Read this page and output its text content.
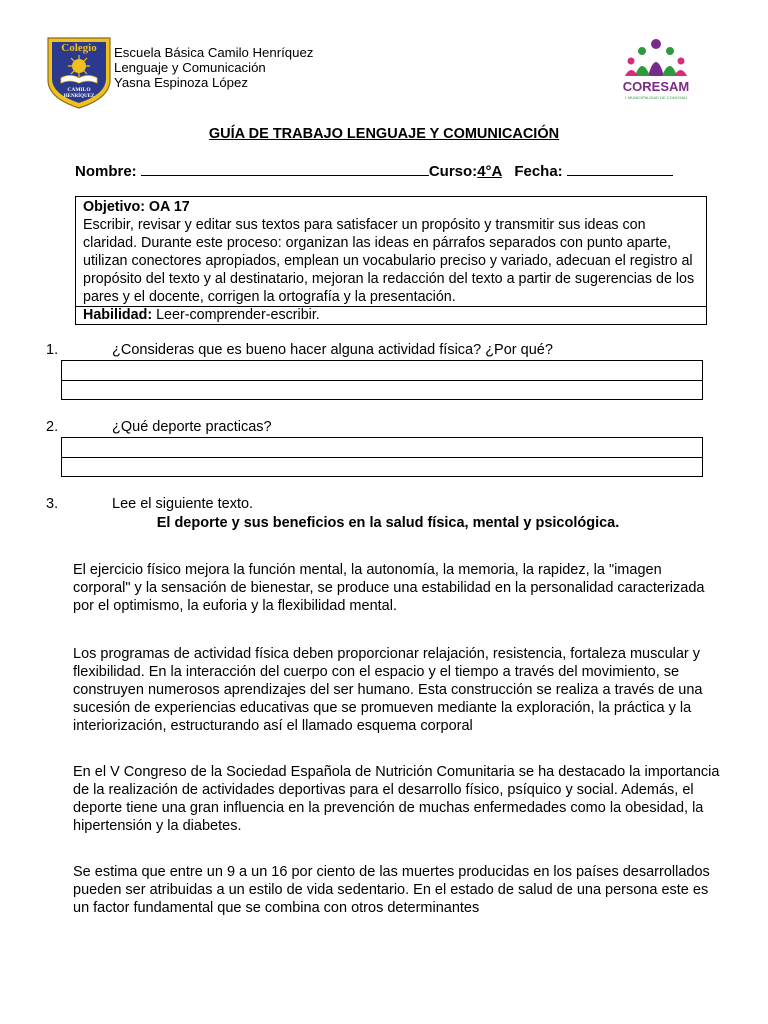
Colegio
CAMILO
HENRÍQUEZ
Escuela Básica Camilo Henríquez
Lenguaje y Comunicación
Yasna Espinoza López	CORESAM
I. MUNICIPALIDAD DE CONCHALÍ
GUÍA DE TRABAJO LENGUAJE Y COMUNICACIÓN
Nombre:	Curso:4°A Fecha:
Objetivo: OA 17
Escribir, revisar y editar sus textos para satisfacer un propósito y transmitir sus ideas con claridad. Durante este proceso: organizan las ideas en párrafos separados con punto aparte, utilizan conectores apropiados, emplean un vocabulario preciso y variado, adecuan el registro al propósito del texto y al destinatario, mejoran la redacción del texto a partir de sugerencias de los pares y el docente, corrigen la ortografía y la presentación.
Habilidad: Leer-comprender-escribir.
1.	¿Consideras que es bueno hacer alguna actividad física? ¿Por qué?
2.	¿Qué deporte practicas?
3.	Lee el siguiente texto.
El deporte y sus beneficios en la salud física, mental y psicológica.
El ejercicio físico mejora la función mental, la autonomía, la memoria, la rapidez, la "imagen corporal" y la sensación de bienestar, se produce una estabilidad en la personalidad caracterizada por el optimismo, la euforia y la flexibilidad mental.
Los programas de actividad física deben proporcionar relajación, resistencia, fortaleza muscular y flexibilidad. En la interacción del cuerpo con el espacio y el tiempo a través del movimiento, se construyen numerosos aprendizajes del ser humano. Esta construcción se realiza a través de una sucesión de experiencias educativas que se promueven mediante la exploración, la práctica y la interiorización, estructurando así el llamado esquema corporal
En el V Congreso de la Sociedad Española de Nutrición Comunitaria se ha destacado la importancia de la realización de actividades deportivas para el desarrollo físico, psíquico y social. Además, el deporte tiene una gran influencia en la prevención de muchas enfermedades como la obesidad, la hipertensión y la diabetes.
Se estima que entre un 9 a un 16 por ciento de las muertes producidas en los países desarrollados pueden ser atribuidas a un estilo de vida sedentario. En el estado de salud de una persona este es un factor fundamental que se combina con otros determinantes
